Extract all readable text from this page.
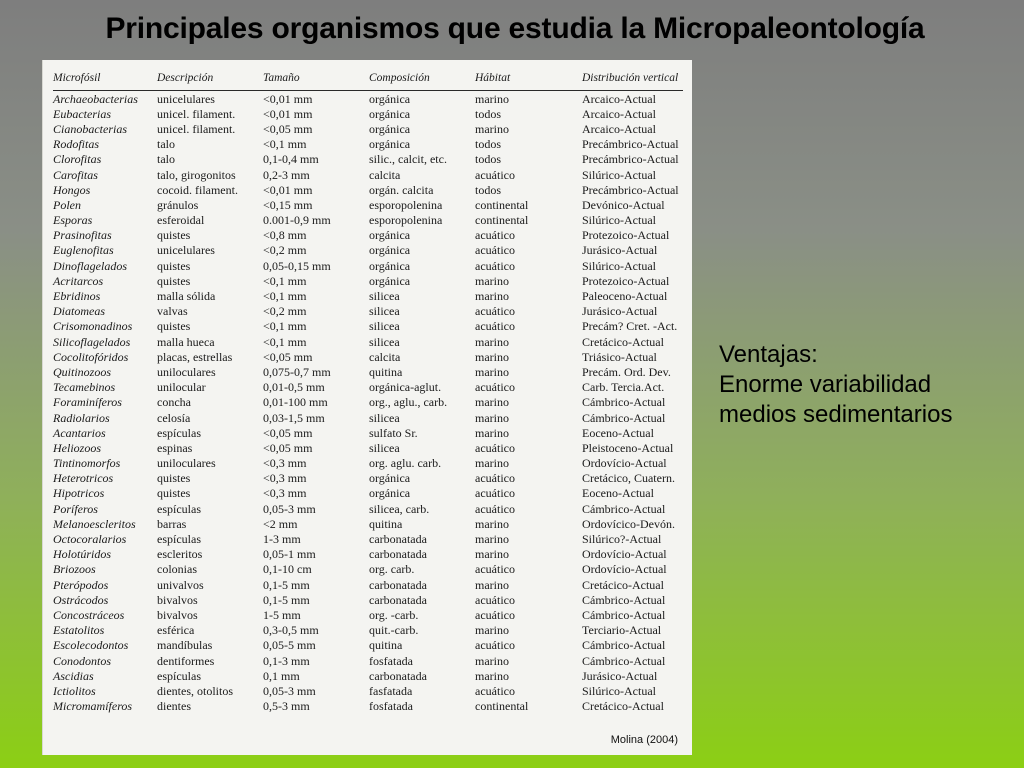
Principales organismos que estudia la Micropaleontología
Microfósil	Descripción	Tamaño	Composición	Hábitat	Distribución vertical
Archaeobacterias	unicelulares	<0,01 mm	orgánica	marino	Arcaico-Actual
Eubacterias	unicel. filament.	<0,01 mm	orgánica	todos	Arcaico-Actual
Cianobacterias	unicel. filament.	<0,05 mm	orgánica	marino	Arcaico-Actual
Rodofitas	talo	<0,1 mm	orgánica	todos	Precámbrico-Actual
Clorofitas	talo	0,1-0,4 mm	silic., calcit, etc.	todos	Precámbrico-Actual
Carofitas	talo, girogonitos	0,2-3 mm	calcita	acuático	Silúrico-Actual
Hongos	cocoid. filament.	<0,01 mm	orgán. calcita	todos	Precámbrico-Actual
Polen	gránulos	<0,15 mm	esporopolenina	continental	Devónico-Actual
Esporas	esferoidal	0.001-0,9 mm	esporopolenina	continental	Silúrico-Actual
Prasinofitas	quistes	<0,8 mm	orgánica	acuático	Protezoico-Actual
Euglenofitas	unicelulares	<0,2 mm	orgánica	acuático	Jurásico-Actual
Dinoflagelados	quistes	0,05-0,15 mm	orgánica	acuático	Silúrico-Actual
Acritarcos	quistes	<0,1 mm	orgánica	marino	Protezoico-Actual
Ebridinos	malla sólida	<0,1 mm	silicea	marino	Paleoceno-Actual
Diatomeas	valvas	<0,2 mm	silicea	acuático	Jurásico-Actual
Crisomonadinos	quistes	<0,1 mm	silicea	acuático	Precám? Cret. -Act.
Silicoflagelados	malla hueca	<0,1 mm	silicea	marino	Cretácico-Actual
Cocolitofóridos	placas, estrellas	<0,05 mm	calcita	marino	Triásico-Actual
Quitinozoos	uniloculares	0,075-0,7 mm	quitina	marino	Precám. Ord. Dev.
Tecamebinos	unilocular	0,01-0,5 mm	orgánica-aglut.	acuático	Carb. Tercia.Act.
Foraminíferos	concha	0,01-100 mm	org., aglu., carb.	marino	Cámbrico-Actual
Radiolarios	celosía	0,03-1,5 mm	silicea	marino	Cámbrico-Actual
Acantarios	espículas	<0,05 mm	sulfato Sr.	marino	Eoceno-Actual
Heliozoos	espinas	<0,05 mm	silicea	acuático	Pleistoceno-Actual
Tintinomorfos	uniloculares	<0,3 mm	org. aglu. carb.	marino	Ordovício-Actual
Heterotricos	quistes	<0,3 mm	orgánica	acuático	Cretácico, Cuatern.
Hipotricos	quistes	<0,3 mm	orgánica	acuático	Eoceno-Actual
Poríferos	espículas	0,05-3 mm	silicea, carb.	acuático	Cámbrico-Actual
Melanoescleritos	barras	<2 mm	quitina	marino	Ordovícico-Devón.
Octocoralarios	espículas	1-3 mm	carbonatada	marino	Silúrico?-Actual
Holotúridos	escleritos	0,05-1 mm	carbonatada	marino	Ordovício-Actual
Briozoos	colonias	0,1-10 cm	org. carb.	acuático	Ordovício-Actual
Pterópodos	univalvos	0,1-5 mm	carbonatada	marino	Cretácico-Actual
Ostrácodos	bivalvos	0,1-5 mm	carbonatada	acuático	Cámbrico-Actual
Concostráceos	bivalvos	1-5 mm	org. -carb.	acuático	Cámbrico-Actual
Estatolitos	esférica	0,3-0,5 mm	quit.-carb.	marino	Terciario-Actual
Escolecodontos	mandíbulas	0,05-5 mm	quitina	acuático	Cámbrico-Actual
Conodontos	dentiformes	0,1-3 mm	fosfatada	marino	Cámbrico-Actual
Ascidias	espículas	0,1 mm	carbonatada	marino	Jurásico-Actual
Ictiolitos	dientes, otolitos	0,05-3 mm	fasfatada	acuático	Silúrico-Actual
Micromamíferos	dientes	0,5-3 mm	fosfatada	continental	Cretácico-Actual
Molina (2004)
Ventajas:
Enorme variabilidad
medios sedimentarios
